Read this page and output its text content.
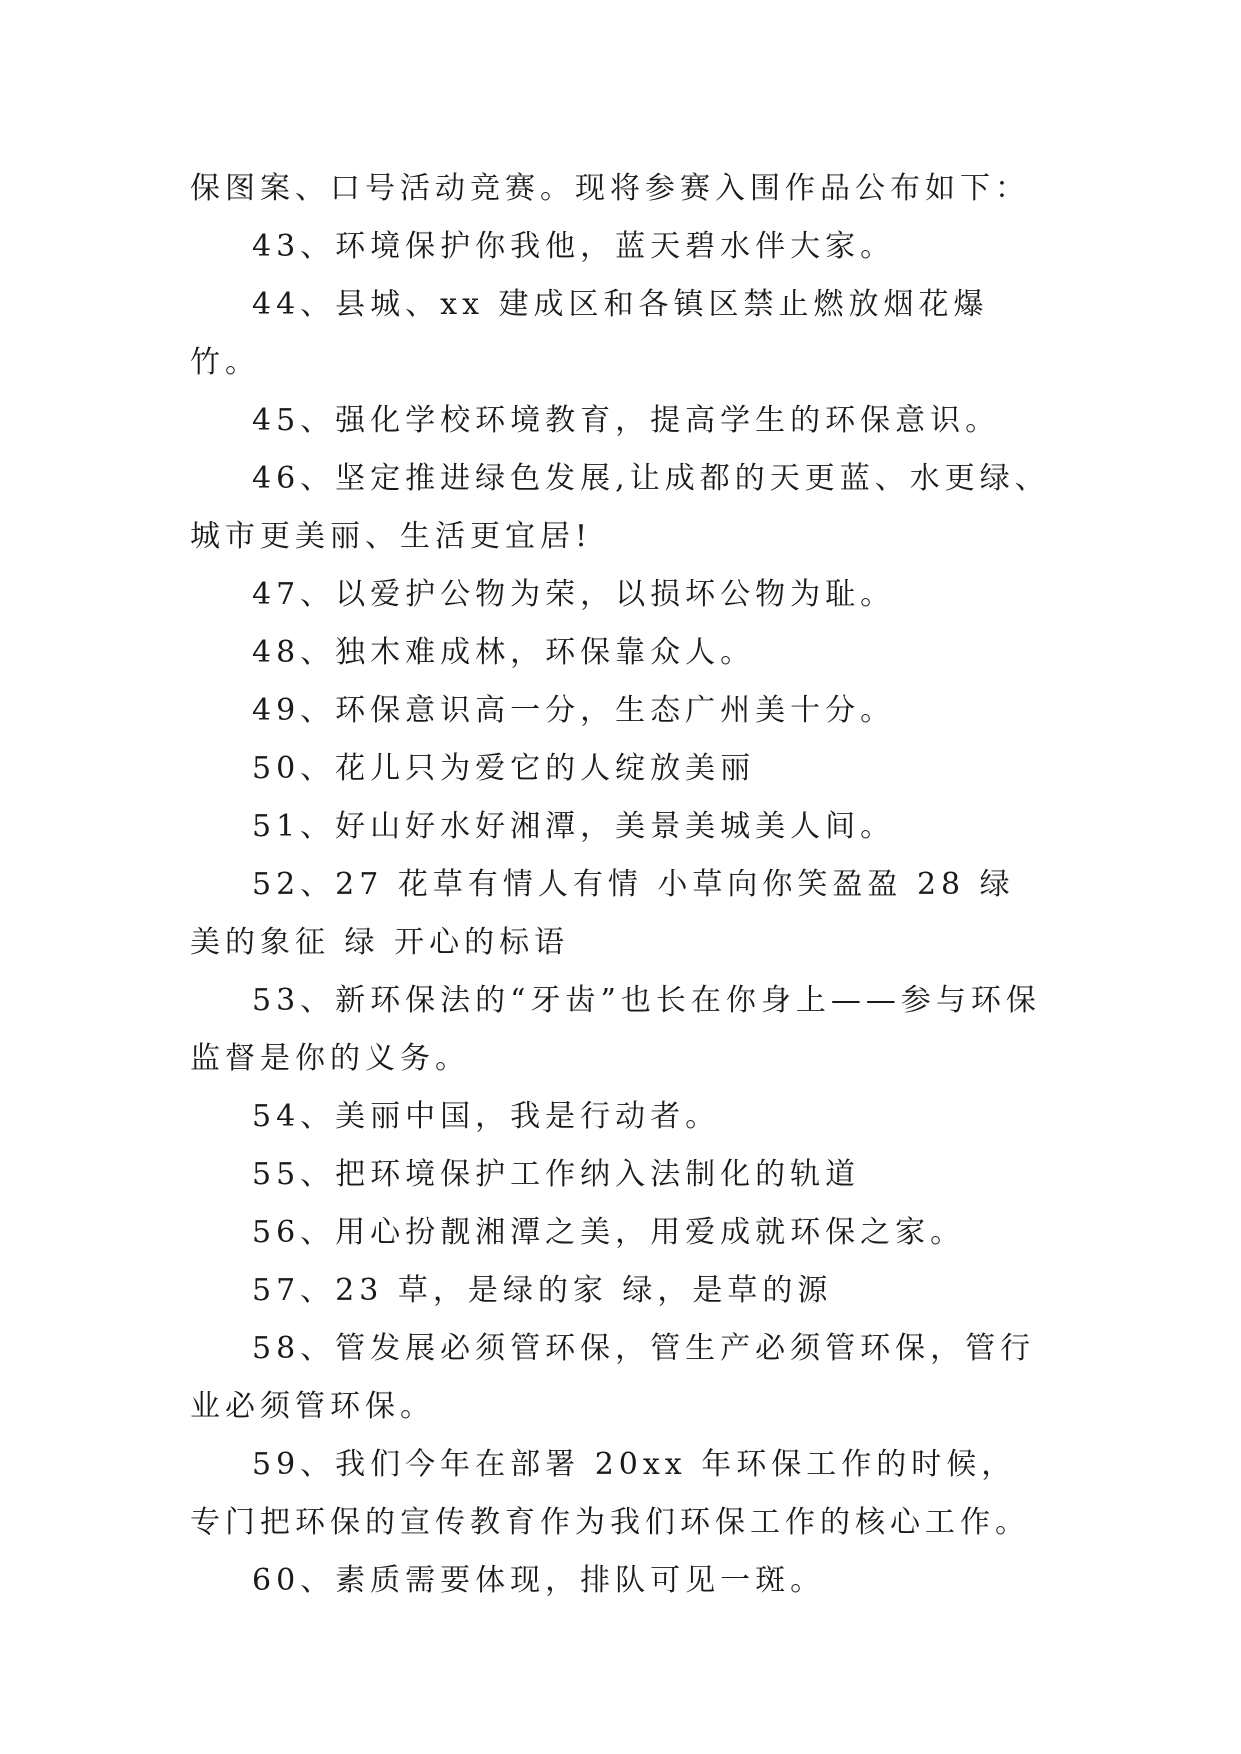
保图案、口号活动竞赛。现将参赛入围作品公布如下：

43、环境保护你我他，蓝天碧水伴大家。

44、县城、xx 建成区和各镇区禁止燃放烟花爆竹。

45、强化学校环境教育，提高学生的环保意识。

46、坚定推进绿色发展,让成都的天更蓝、水更绿、城市更美丽、生活更宜居!

47、以爱护公物为荣，以损坏公物为耻。

48、独木难成林，环保靠众人。

49、环保意识高一分，生态广州美十分。

50、花儿只为爱它的人绽放美丽

51、好山好水好湘潭，美景美城美人间。

52、27 花草有情人有情 小草向你笑盈盈 28 绿 美的象征 绿 开心的标语

53、新环保法的“牙齿”也长在你身上——参与环保监督是你的义务。

54、美丽中国，我是行动者。

55、把环境保护工作纳入法制化的轨道

56、用心扮靓湘潭之美，用爱成就环保之家。

57、23 草，是绿的家 绿，是草的源

58、管发展必须管环保，管生产必须管环保，管行业必须管环保。

59、我们今年在部署 20xx 年环保工作的时候，专门把环保的宣传教育作为我们环保工作的核心工作。

60、素质需要体现，排队可见一斑。
